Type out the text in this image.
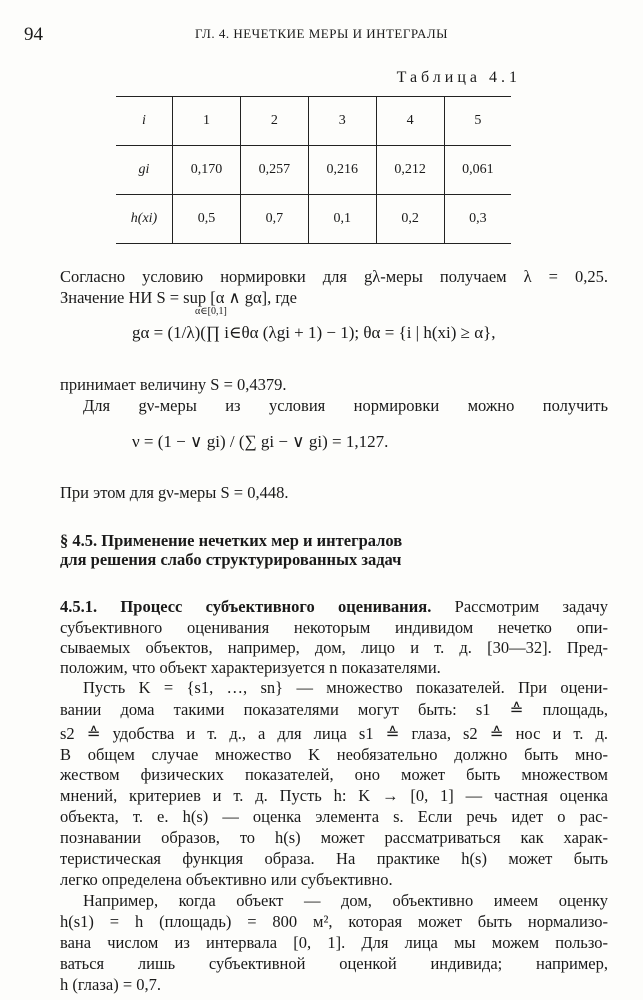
94	ГЛ. 4. НЕЧЕТКИЕ МЕРЫ И ИНТЕГРАЛЫ
Таблица 4.1
i	1	2	3	4	5
gi	0,170	0,257	0,216	0,212	0,061
h(xi)	0,5	0,7	0,1	0,2	0,3
Согласно условию нормировки для gλ-меры получаем λ = 0,25.
Значение НИ S = sup [α ∧ gα], где
α∈[0,1]
gα = (1/λ)(∏ i∈θα (λgi + 1) − 1); θα = {i | h(xi) ≥ α},
принимает величину S = 0,4379.
Для gν-меры из условия нормировки можно получить
ν = (1 − ∨ gi) / (∑ gi − ∨ gi) = 1,127.
При этом для gν-меры S = 0,448.
§ 4.5. Применение нечетких мер и интегралов
для решения слабо структурированных задач
4.5.1. Процесс субъективного оценивания. Рассмотрим задачу
субъективного оценивания некоторым индивидом нечетко опи-
сываемых объектов, например, дом, лицо и т. д. [30—32]. Пред-
положим, что объект характеризуется n показателями.
Пусть K = {s1, …, sn} — множество показателей. При оцени-
вании дома такими показателями могут быть: s1 ≙ площадь,
s2 ≙ удобства и т. д., а для лица s1 ≙ глаза, s2 ≙ нос и т. д.
В общем случае множество K необязательно должно быть мно-
жеством физических показателей, оно может быть множеством
мнений, критериев и т. д. Пусть h: K → [0, 1] — частная оценка
объекта, т. е. h(s) — оценка элемента s. Если речь идет о рас-
познавании образов, то h(s) может рассматриваться как харак-
теристическая функция образа. На практике h(s) может быть
легко определена объективно или субъективно.
Например, когда объект — дом, объективно имеем оценку
h(s1) = h (площадь) = 800 м², которая может быть нормализо-
вана числом из интервала [0, 1]. Для лица мы можем пользо-
ваться лишь субъективной оценкой индивида; например,
h (глаза) = 0,7.
